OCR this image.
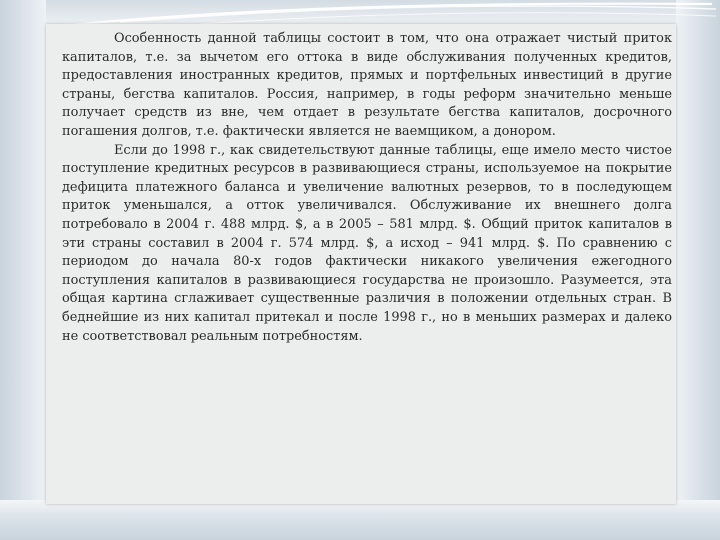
Особенность данной таблицы состоит в том, что она отражает чистый приток капиталов, т.е. за вычетом его оттока в виде обслуживания полученных кредитов, предоставления иностранных кредитов, прямых и портфельных инвестиций в другие страны, бегства капиталов. Россия, например, в годы реформ значительно меньше получает средств из вне, чем отдает в результате бегства капиталов, досрочного погашения долгов, т.е. фактически является не ваемщиком, а донором.

Если до 1998 г., как свидетельствуют данные таблицы, еще имело место чистое поступление кредитных ресурсов в развивающиеся страны, используемое на покрытие дефицита платежного баланса и увеличение валютных резервов, то в последующем приток уменьшался, а отток увеличивался. Обслуживание их внешнего долга потребовало в 2004 г. 488 млрд. $, а в 2005 – 581 млрд. $. Общий приток капиталов в эти страны составил в 2004 г. 574 млрд. $, а исход – 941 млрд. $. По сравнению с периодом до начала 80-х годов фактически никакого увеличения ежегодного поступления капиталов в развивающиеся государства не произошло. Разумеется, эта общая картина сглаживает существенные различия в положении отдельных стран. В беднейшие из них капитал притекал и после 1998 г., но в меньших размерах и далеко не соответствовал реальным потребностям.
